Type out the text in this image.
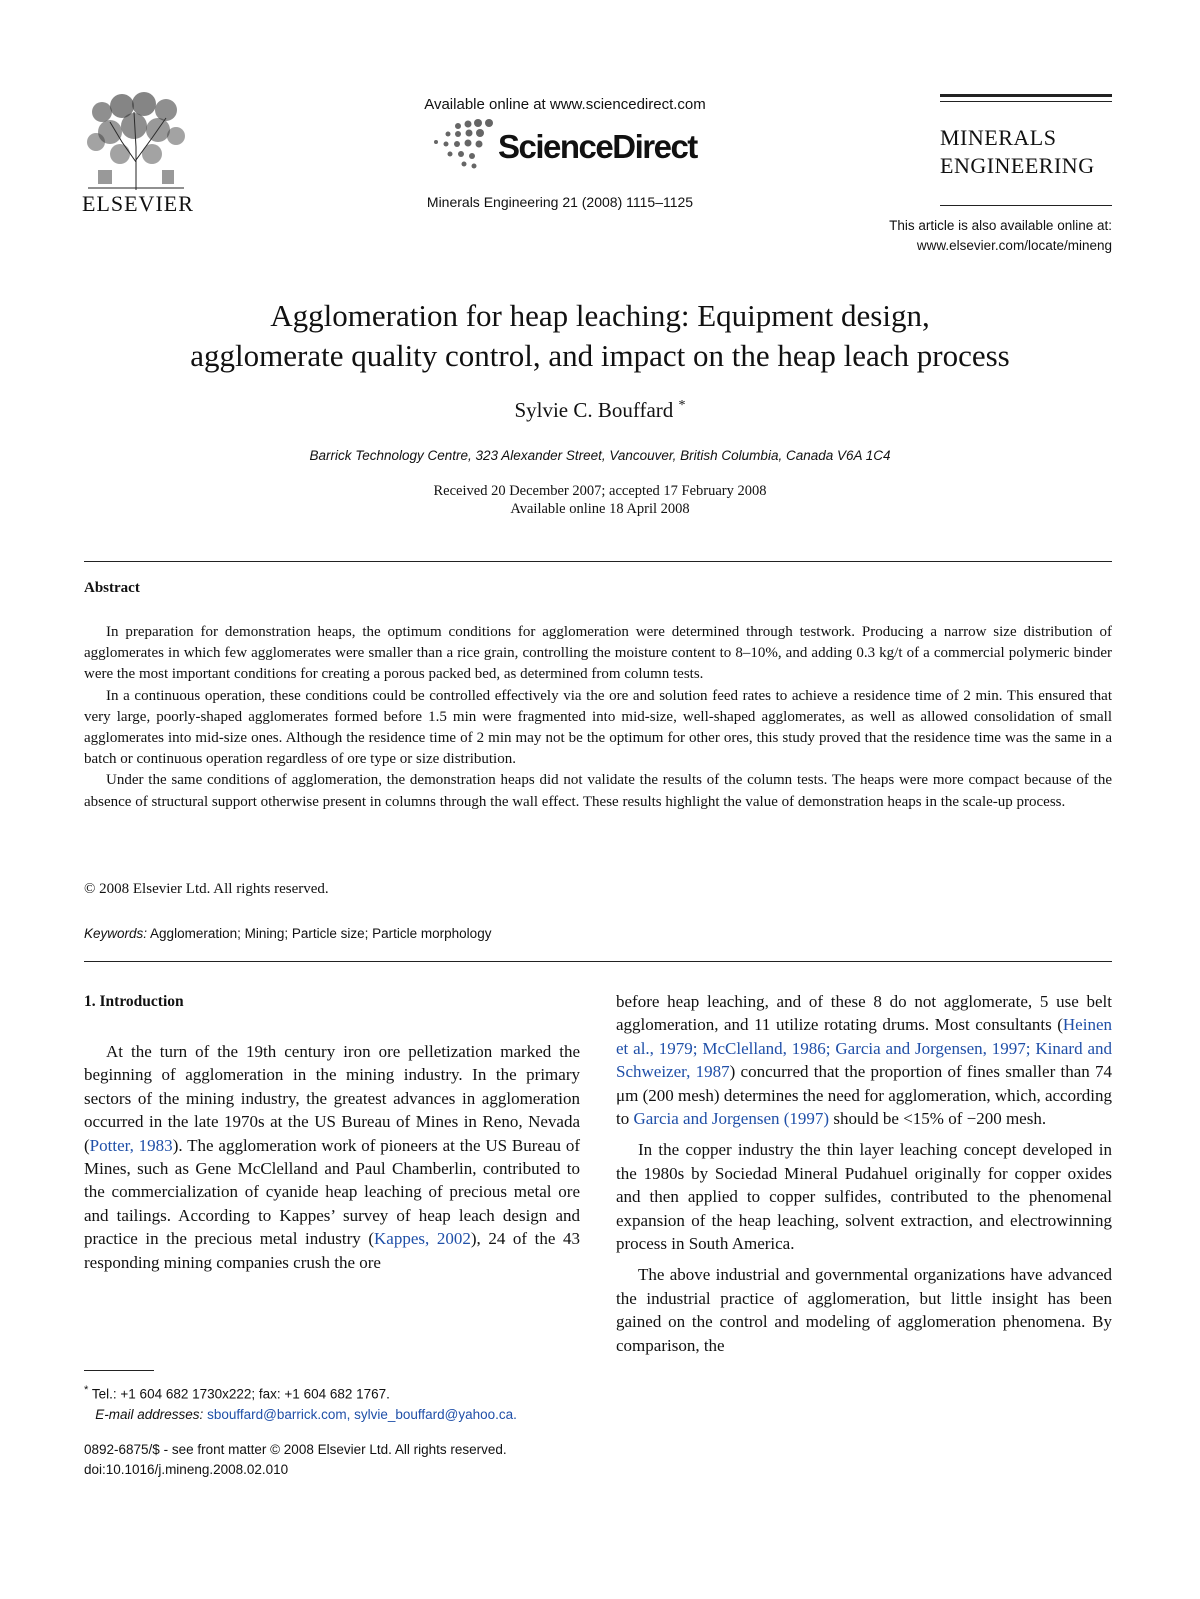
ELSEVIER
Available online at www.sciencedirect.com
ScienceDirect
Minerals Engineering 21 (2008) 1115–1125
MINERALS
ENGINEERING
This article is also available online at:
www.elsevier.com/locate/mineng
Agglomeration for heap leaching: Equipment design,
agglomerate quality control, and impact on the heap leach process
Sylvie C. Bouffard *
Barrick Technology Centre, 323 Alexander Street, Vancouver, British Columbia, Canada V6A 1C4
Received 20 December 2007; accepted 17 February 2008
Available online 18 April 2008
Abstract

In preparation for demonstration heaps, the optimum conditions for agglomeration were determined through testwork. Producing a narrow size distribution of agglomerates in which few agglomerates were smaller than a rice grain, controlling the moisture content to 8–10%, and adding 0.3 kg/t of a commercial polymeric binder were the most important conditions for creating a porous packed bed, as determined from column tests.

In a continuous operation, these conditions could be controlled effectively via the ore and solution feed rates to achieve a residence time of 2 min. This ensured that very large, poorly-shaped agglomerates formed before 1.5 min were fragmented into mid-size, well-shaped agglomerates, as well as allowed consolidation of small agglomerates into mid-size ones. Although the residence time of 2 min may not be the optimum for other ores, this study proved that the residence time was the same in a batch or continuous operation regardless of ore type or size distribution.

Under the same conditions of agglomeration, the demonstration heaps did not validate the results of the column tests. The heaps were more compact because of the absence of structural support otherwise present in columns through the wall effect. These results highlight the value of demonstration heaps in the scale-up process.

© 2008 Elsevier Ltd. All rights reserved.
Keywords: Agglomeration; Mining; Particle size; Particle morphology
1. Introduction

At the turn of the 19th century iron ore pelletization marked the beginning of agglomeration in the mining industry. In the primary sectors of the mining industry, the greatest advances in agglomeration occurred in the late 1970s at the US Bureau of Mines in Reno, Nevada (Potter, 1983). The agglomeration work of pioneers at the US Bureau of Mines, such as Gene McClelland and Paul Chamberlin, contributed to the commercialization of cyanide heap leaching of precious metal ore and tailings. According to Kappes’ survey of heap leach design and practice in the precious metal industry (Kappes, 2002), 24 of the 43 responding mining companies crush the ore

* Tel.: +1 604 682 1730x222; fax: +1 604 682 1767.
E-mail addresses: sbouffard@barrick.com, sylvie_bouffard@yahoo.ca.
0892-6875/$ - see front matter © 2008 Elsevier Ltd. All rights reserved.
doi:10.1016/j.mineng.2008.02.010

before heap leaching, and of these 8 do not agglomerate, 5 use belt agglomeration, and 11 utilize rotating drums. Most consultants (Heinen et al., 1979; McClelland, 1986; Garcia and Jorgensen, 1997; Kinard and Schweizer, 1987) concurred that the proportion of fines smaller than 74 μm (200 mesh) determines the need for agglomeration, which, according to Garcia and Jorgensen (1997) should be <15% of −200 mesh.

In the copper industry the thin layer leaching concept developed in the 1980s by Sociedad Mineral Pudahuel originally for copper oxides and then applied to copper sulfides, contributed to the phenomenal expansion of the heap leaching, solvent extraction, and electrowinning process in South America.

The above industrial and governmental organizations have advanced the industrial practice of agglomeration, but little insight has been gained on the control and modeling of agglomeration phenomena. By comparison, the
